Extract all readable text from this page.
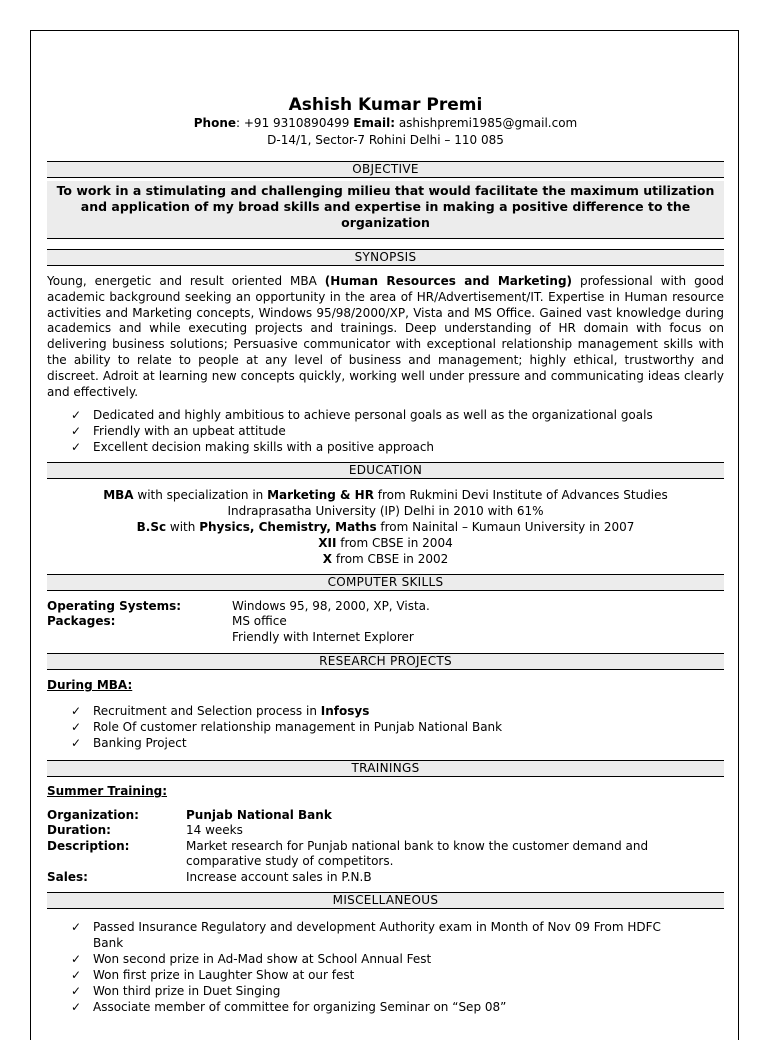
Ashish Kumar Premi
Phone: +91 9310890499 Email: ashishpremi1985@gmail.com
D-14/1, Sector-7 Rohini Delhi – 110 085
OBJECTIVE
To work in a stimulating and challenging milieu that would facilitate the maximum utilization and application of my broad skills and expertise in making a positive difference to the organization
SYNOPSIS
Young, energetic and result oriented MBA (Human Resources and Marketing) professional with good academic background seeking an opportunity in the area of HR/Advertisement/IT. Expertise in Human resource activities and Marketing concepts, Windows 95/98/2000/XP, Vista and MS Office. Gained vast knowledge during academics and while executing projects and trainings. Deep understanding of HR domain with focus on delivering business solutions; Persuasive communicator with exceptional relationship management skills with the ability to relate to people at any level of business and management; highly ethical, trustworthy and discreet. Adroit at learning new concepts quickly, working well under pressure and communicating ideas clearly and effectively.
✓ Dedicated and highly ambitious to achieve personal goals as well as the organizational goals
✓ Friendly with an upbeat attitude
✓ Excellent decision making skills with a positive approach
EDUCATION
MBA with specialization in Marketing & HR from Rukmini Devi Institute of Advances Studies
Indraprasatha University (IP) Delhi in 2010 with 61%
B.Sc with Physics, Chemistry, Maths from Nainital – Kumaun University in 2007
XII from CBSE in 2004
X from CBSE in 2002
COMPUTER SKILLS
Operating Systems:	Windows 95, 98, 2000, XP, Vista.
Packages:	MS office
Friendly with Internet Explorer
RESEARCH PROJECTS
During MBA:
✓ Recruitment and Selection process in Infosys
✓ Role Of customer relationship management in Punjab National Bank
✓ Banking Project
TRAININGS
Summer Training:
Organization:	Punjab National Bank
Duration:	14 weeks
Description:	Market research for Punjab national bank to know the customer demand and
comparative study of competitors.
Sales:	Increase account sales in P.N.B
MISCELLANEOUS
✓ Passed Insurance Regulatory and development Authority exam in Month of Nov 09 From HDFC
Bank
✓ Won second prize in Ad-Mad show at School Annual Fest
✓ Won first prize in Laughter Show at our fest
✓ Won third prize in Duet Singing
✓ Associate member of committee for organizing Seminar on “Sep 08”
